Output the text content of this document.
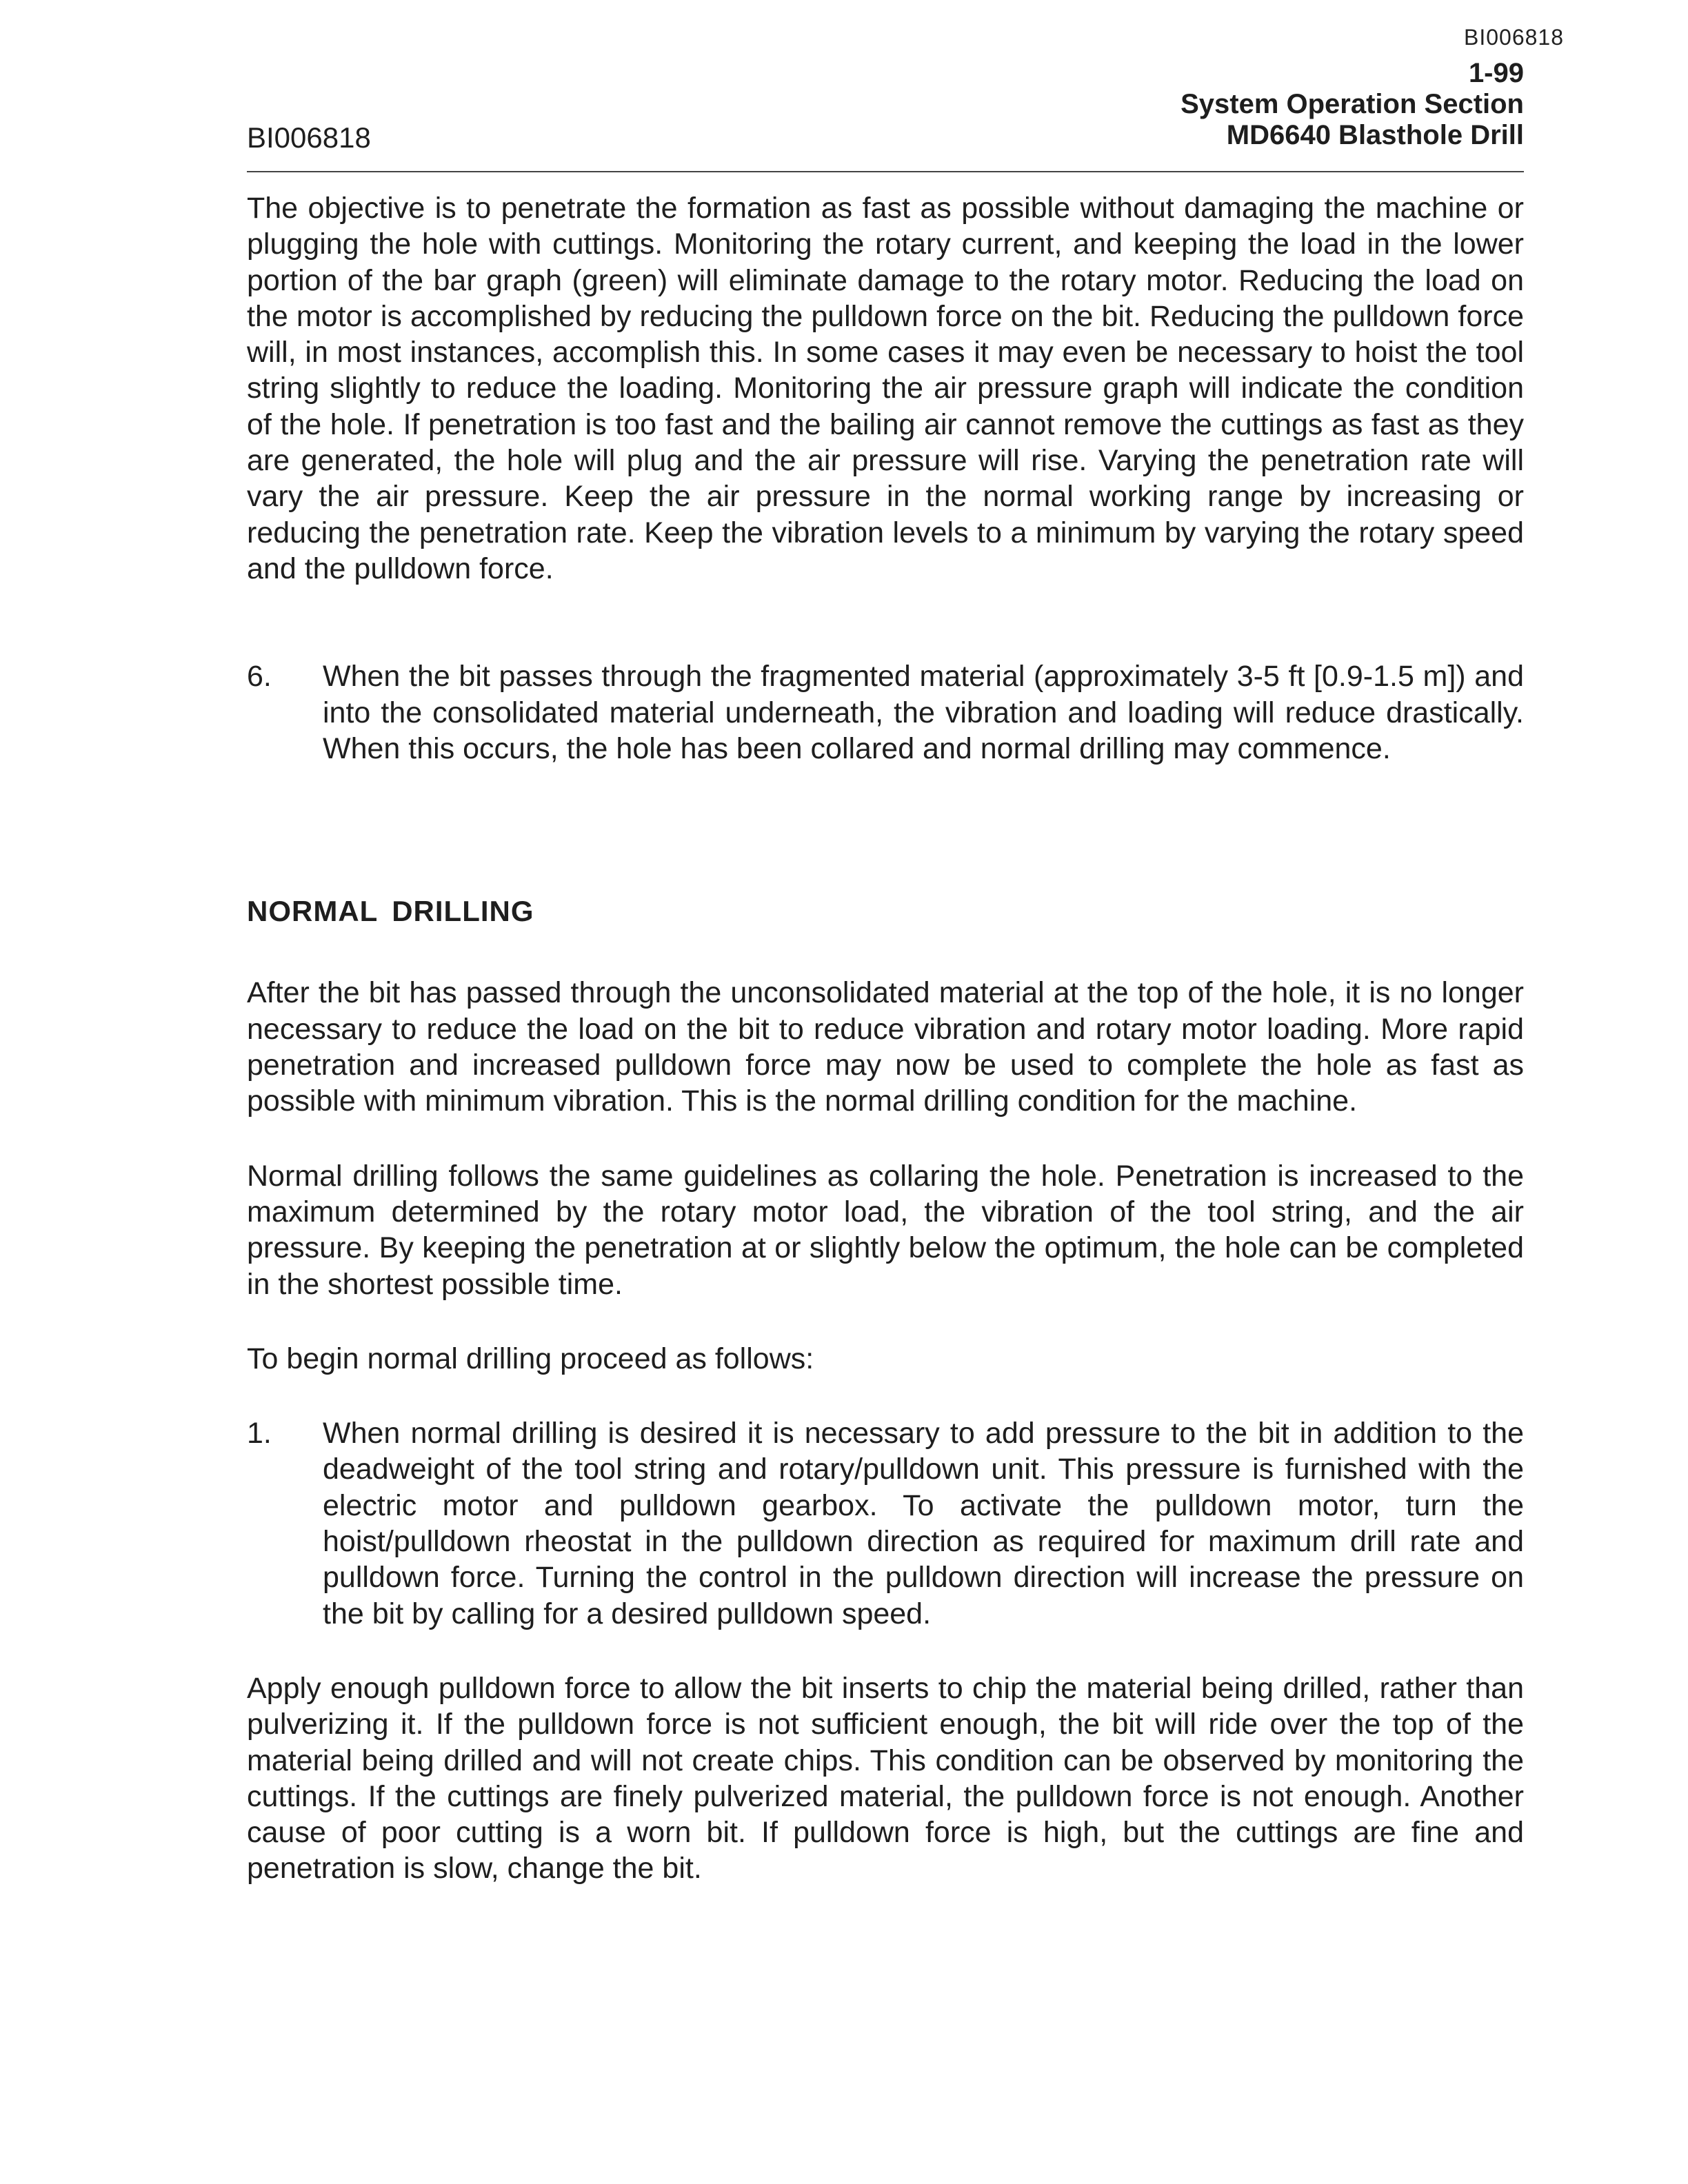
BI006818
BI006818
1-99
System Operation Section
MD6640 Blasthole Drill

The objective is to penetrate the formation as fast as possible without damaging the machine or plugging the hole with cuttings. Monitoring the rotary current, and keeping the load in the lower portion of the bar graph (green) will eliminate damage to the rotary motor. Reducing the load on the motor is accomplished by reducing the pulldown force on the bit. Reducing the pulldown force will, in most instances, accomplish this. In some cases it may even be necessary to hoist the tool string slightly to reduce the loading. Monitoring the air pressure graph will indicate the condition of the hole. If penetration is too fast and the bailing air cannot remove the cuttings as fast as they are generated, the hole will plug and the air pressure will rise. Varying the penetration rate will vary the air pressure. Keep the air pressure in the normal working range by increasing or reducing the penetration rate. Keep the vibration levels to a minimum by varying the rotary speed and the pulldown force.

6.	When the bit passes through the fragmented material (approximately 3-5 ft [0.9-1.5 m]) and into the consolidated material underneath, the vibration and loading will reduce drastically. When this occurs, the hole has been collared and normal drilling may commence.
NORMAL DRILLING

After the bit has passed through the unconsolidated material at the top of the hole, it is no longer necessary to reduce the load on the bit to reduce vibration and rotary motor loading. More rapid penetration and increased pulldown force may now be used to complete the hole as fast as possible with minimum vibration. This is the normal drilling condition for the machine.

Normal drilling follows the same guidelines as collaring the hole. Penetration is increased to the maximum determined by the rotary motor load, the vibration of the tool string, and the air pressure. By keeping the penetration at or slightly below the optimum, the hole can be completed in the shortest possible time.

To begin normal drilling proceed as follows:

1.	When normal drilling is desired it is necessary to add pressure to the bit in addition to the deadweight of the tool string and rotary/pulldown unit. This pressure is furnished with the electric motor and pulldown gearbox. To activate the pulldown motor, turn the hoist/pulldown rheostat in the pulldown direction as required for maximum drill rate and pulldown force. Turning the control in the pulldown direction will increase the pressure on the bit by calling for a desired pulldown speed.

Apply enough pulldown force to allow the bit inserts to chip the material being drilled, rather than pulverizing it. If the pulldown force is not sufficient enough, the bit will ride over the top of the material being drilled and will not create chips. This condition can be observed by monitoring the cuttings. If the cuttings are finely pulverized material, the pulldown force is not enough. Another cause of poor cutting is a worn bit. If pulldown force is high, but the cuttings are fine and penetration is slow, change the bit.
